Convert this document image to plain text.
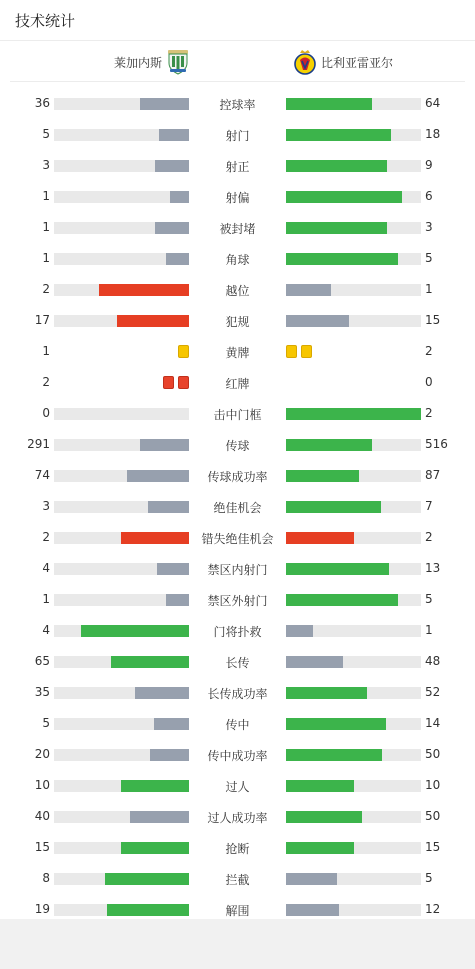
技术统计
莱加内斯	比利亚雷亚尔
36	控球率	64
5	射门	18
3	射正	9
1	射偏	6
1	被封堵	3
1	角球	5
2	越位	1
17	犯规	15
1	黄牌	2
2	红牌	0
0	击中门框	2
291	传球	516
74	传球成功率	87
3	绝佳机会	7
2	错失绝佳机会	2
4	禁区内射门	13
1	禁区外射门	5
4	门将扑救	1
65	长传	48
35	长传成功率	52
5	传中	14
20	传中成功率	50
10	过人	10
40	过人成功率	50
15	抢断	15
8	拦截	5
19	解围	12
